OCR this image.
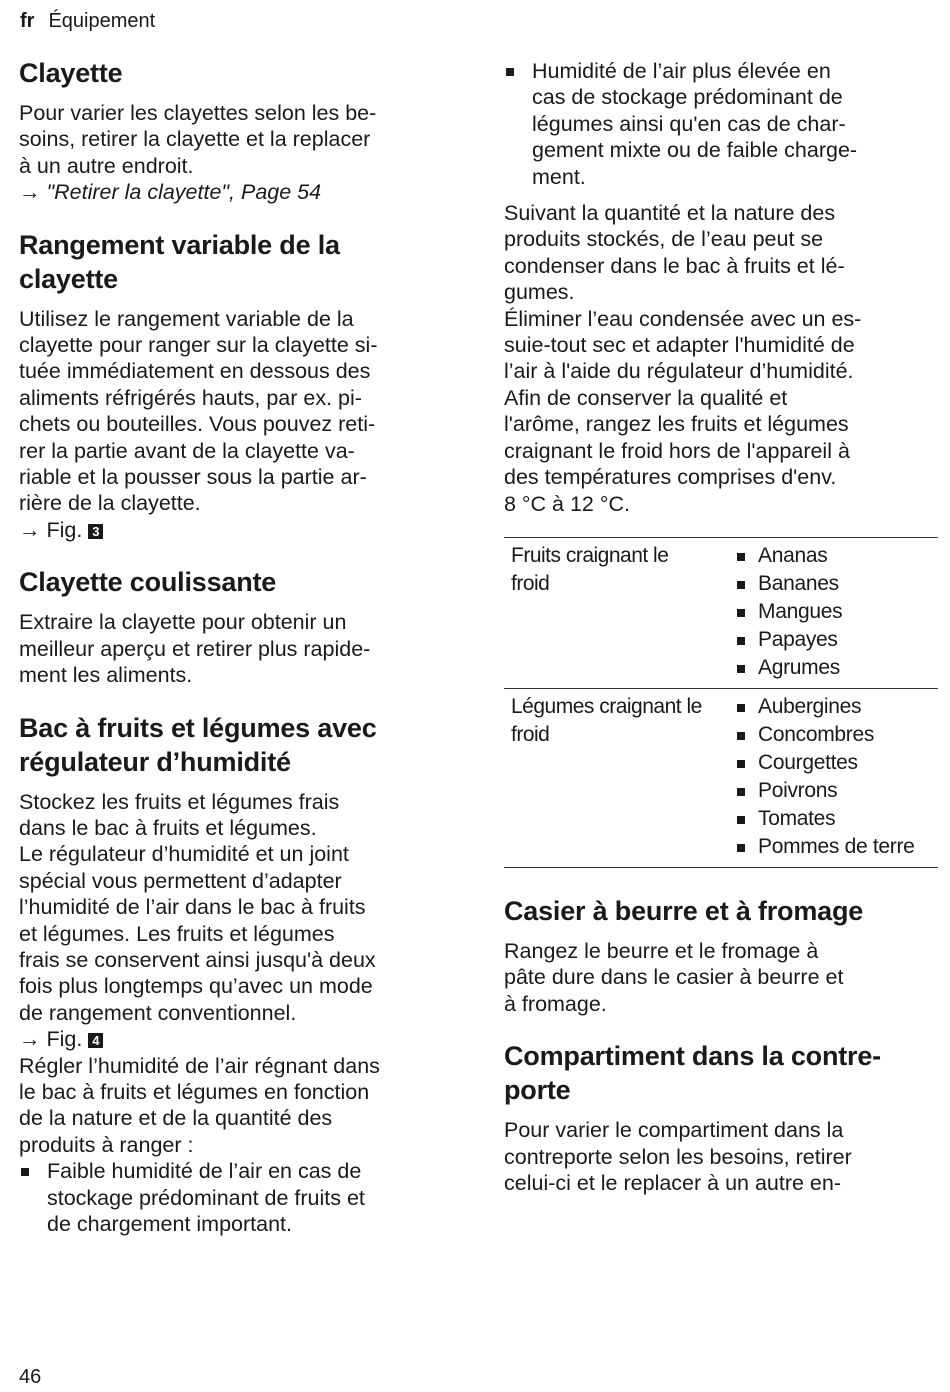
fr Équipement
Clayette

Pour varier les clayettes selon les be-
soins, retirer la clayette et la replacer
à un autre endroit.

→ "Retirer la clayette", Page 54
Rangement variable de la
clayette

Utilisez le rangement variable de la
clayette pour ranger sur la clayette si-
tuée immédiatement en dessous des
aliments réfrigérés hauts, par ex. pi-
chets ou bouteilles. Vous pouvez reti-
rer la partie avant de la clayette va-
riable et la pousser sous la partie ar-
rière de la clayette.

→ Fig. 3
Clayette coulissante

Extraire la clayette pour obtenir un
meilleur aperçu et retirer plus rapide-
ment les aliments.

Bac à fruits et légumes avec
régulateur d’humidité

Stockez les fruits et légumes frais
dans le bac à fruits et légumes.
Le régulateur d’humidité et un joint
spécial vous permettent d’adapter
l’humidité de l’air dans le bac à fruits
et légumes. Les fruits et légumes
frais se conservent ainsi jusqu'à deux
fois plus longtemps qu’avec un mode
de rangement conventionnel.

→ Fig. 4

Régler l’humidité de l’air régnant dans
le bac à fruits et légumes en fonction
de la nature et de la quantité des
produits à ranger :

Faible humidité de l’air en cas de
stockage prédominant de fruits et
de chargement important.
Humidité de l’air plus élevée en
cas de stockage prédominant de
légumes ainsi qu'en cas de char-
gement mixte ou de faible charge-
ment.

Suivant la quantité et la nature des
produits stockés, de l’eau peut se
condenser dans le bac à fruits et lé-
gumes.
Éliminer l’eau condensée avec un es-
suie-tout sec et adapter l'humidité de
l’air à l'aide du régulateur d’humidité.
Afin de conserver la qualité et
l'arôme, rangez les fruits et légumes
craignant le froid hors de l'appareil à
des températures comprises d'env.
8 °C à 12 °C.

Fruits craignant le
froid
Ananas
Bananes
Mangues
Papayes
Agrumes
Légumes craignant le
froid
Aubergines
Concombres
Courgettes
Poivrons
Tomates
Pommes de terre
Casier à beurre et à fromage

Rangez le beurre et le fromage à
pâte dure dans le casier à beurre et
à fromage.

Compartiment dans la contre-
porte

Pour varier le compartiment dans la
contreporte selon les besoins, retirer
celui-ci et le replacer à un autre en-

46
